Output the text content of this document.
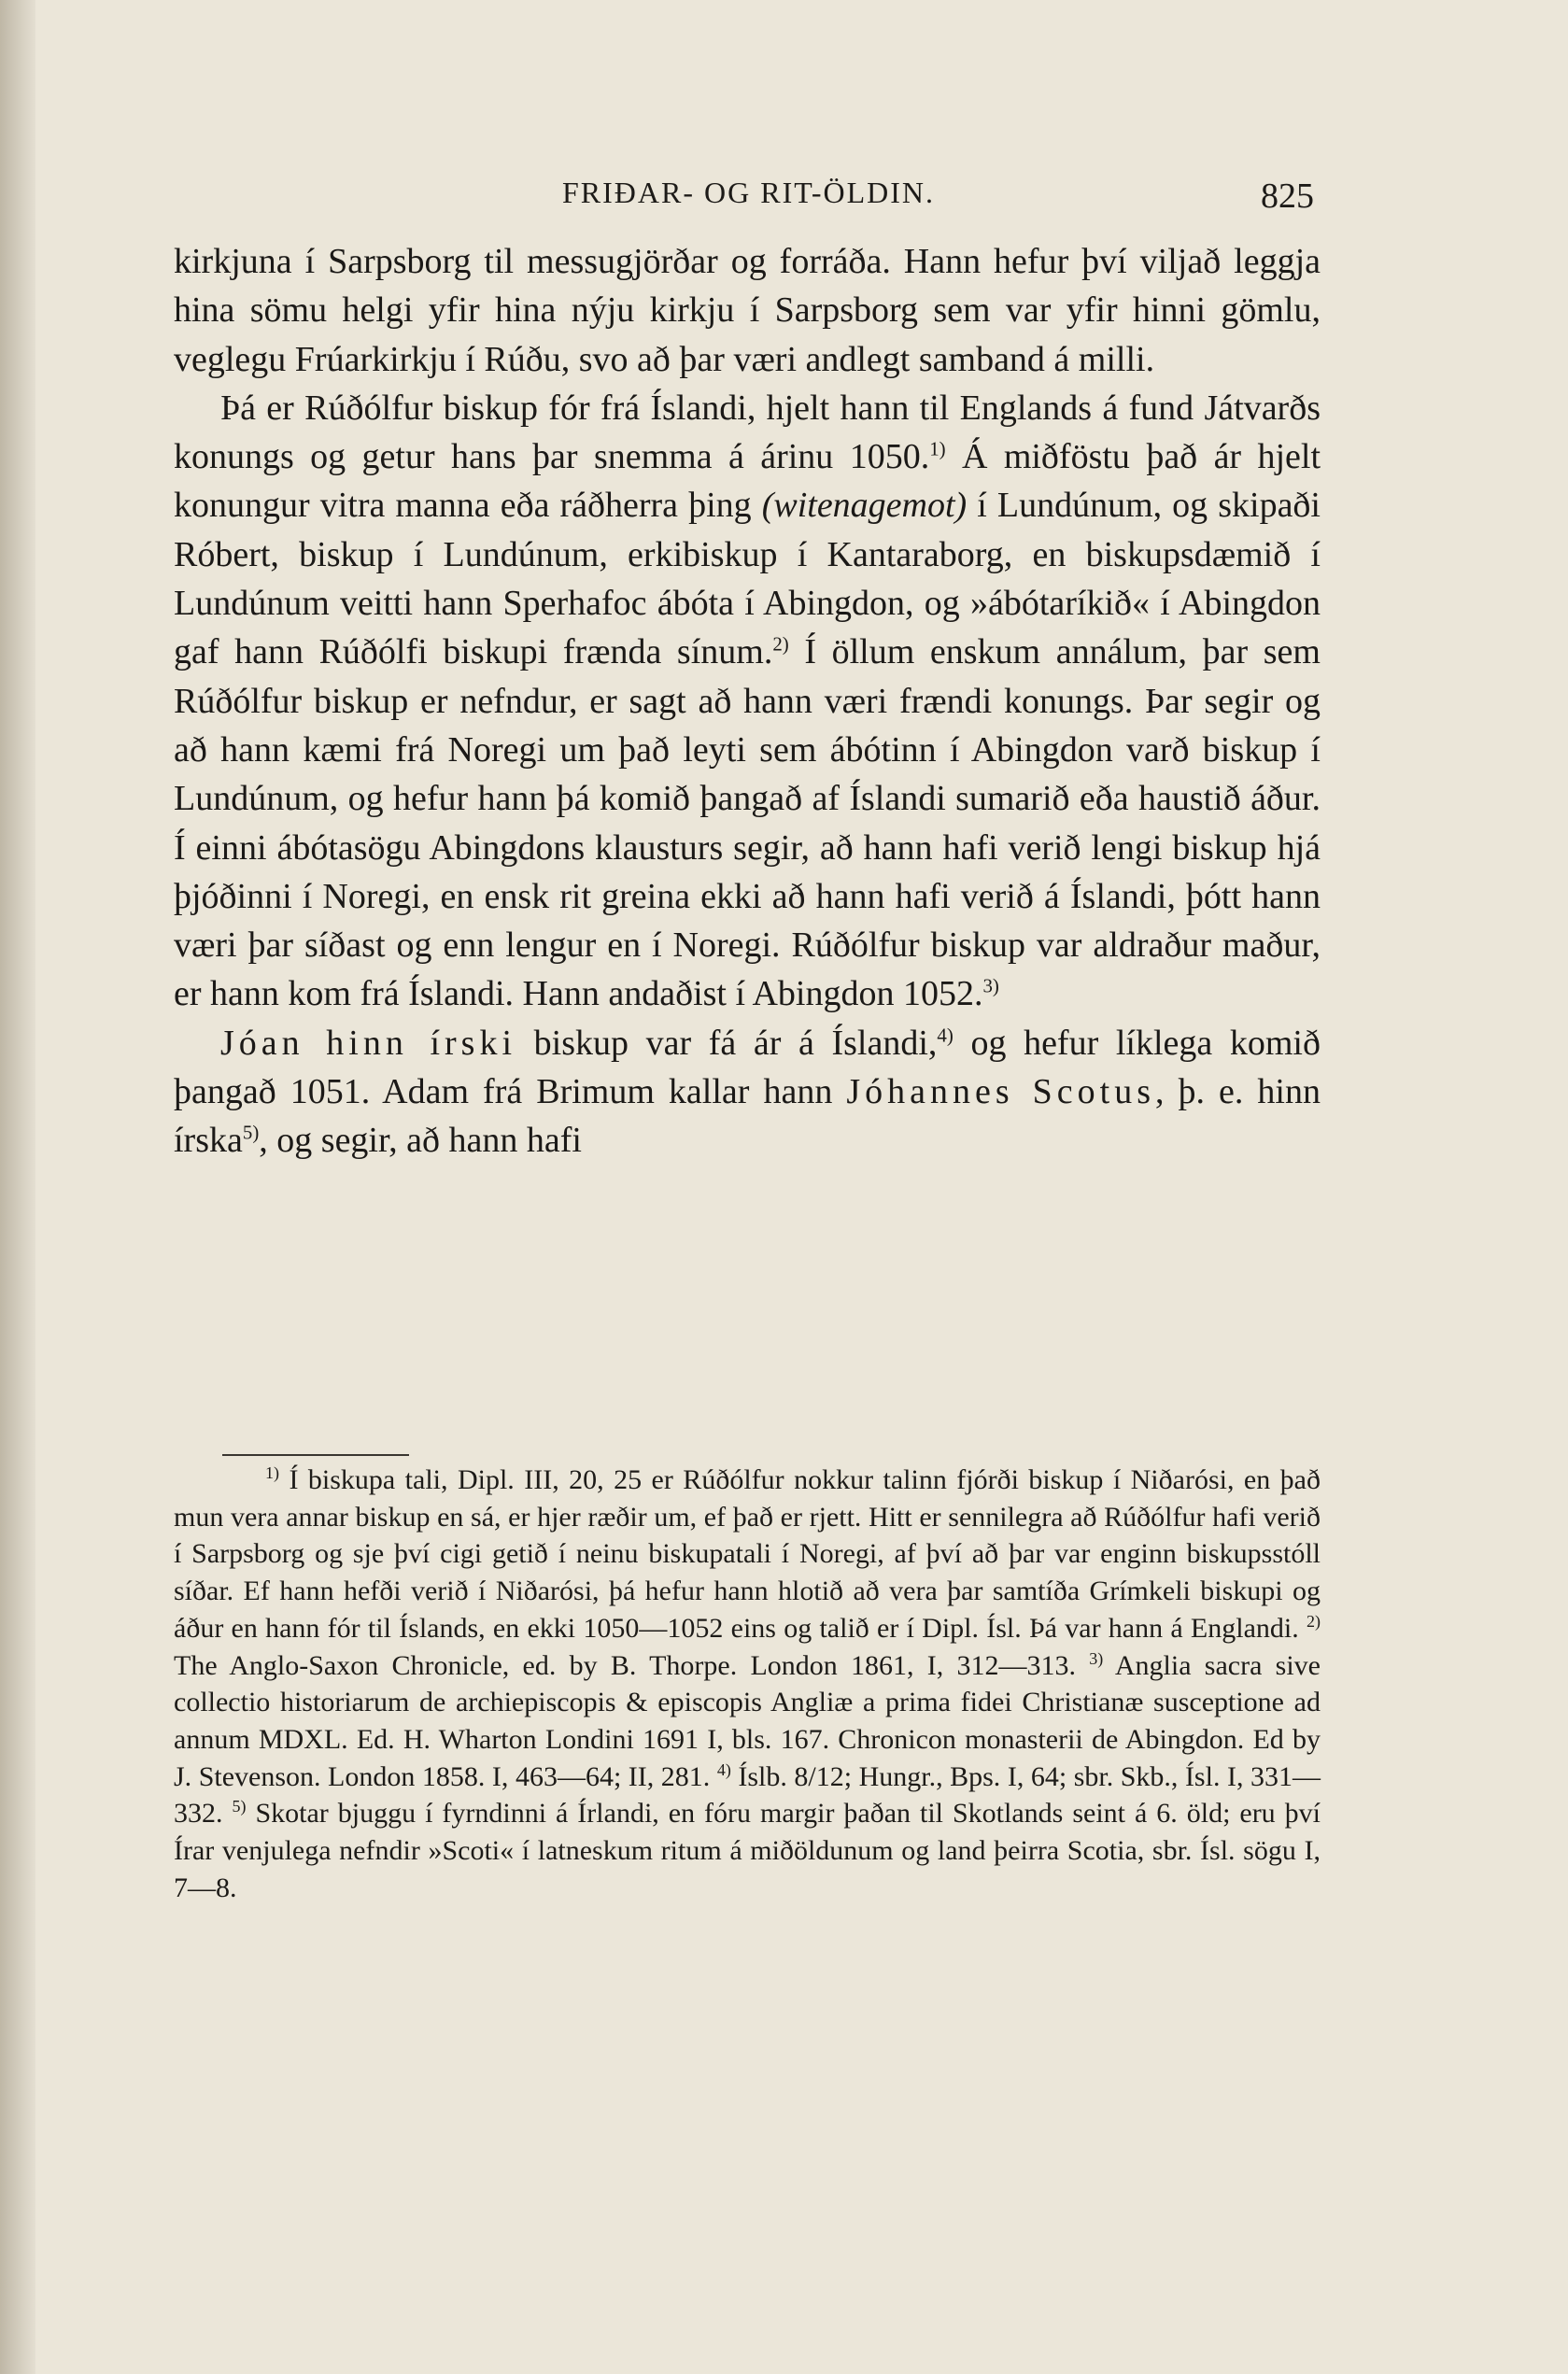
FRIÐAR- OG RIT-ÖLDIN.	825

kirkjuna í Sarpsborg til messugjörðar og forráða. Hann hefur því viljað leggja hina sömu helgi yfir hina nýju kirkju í Sarpsborg sem var yfir hinni gömlu, veglegu Frúarkirkju í Rúðu, svo að þar væri andlegt samband á milli.

Þá er Rúðólfur biskup fór frá Íslandi, hjelt hann til Englands á fund Játvarðs konungs og getur hans þar snemma á árinu 1050.$^{1)}$ Á miðföstu það ár hjelt konungur vitra manna eða ráðherra þing (witenagemot) í Lundúnum, og skipaði Róbert, biskup í Lundúnum, erkibiskup í Kantaraborg, en biskupsdæmið í Lundúnum veitti hann Sperhafoc ábóta í Abingdon, og »ábótaríkið« í Abingdon gaf hann Rúðólfi biskupi frænda sínum.$^{2)}$ Í öllum enskum annálum, þar sem Rúðólfur biskup er nefndur, er sagt að hann væri frændi konungs. Þar segir og að hann kæmi frá Noregi um það leyti sem ábótinn í Abingdon varð biskup í Lundúnum, og hefur hann þá komið þangað af Íslandi sumarið eða haustið áður. Í einni ábótasögu Abingdons klausturs segir, að hann hafi verið lengi biskup hjá þjóðinni í Noregi, en ensk rit greina ekki að hann hafi verið á Íslandi, þótt hann væri þar síðast og enn lengur en í Noregi. Rúðólfur biskup var aldraður maður, er hann kom frá Íslandi. Hann andaðist í Abingdon 1052.$^{3)}$

Jóan hinn írski biskup var fá ár á Íslandi,$^{4)}$ og hefur líklega komið þangað 1051. Adam frá Brimum kallar hann Jóhannes Scotus, þ. e. hinn írska$^{5)}$, og segir, að hann hafi

$^{1)}$ Í biskupa tali, Dipl. III, 20, 25 er Rúðólfur nokkur talinn fjórði biskup í Niðarósi, en það mun vera annar biskup en sá, er hjer ræðir um, ef það er rjett. Hitt er sennilegra að Rúðólfur hafi verið í Sarpsborg og sje því cigi getið í neinu biskupatali í Noregi, af því að þar var enginn biskupsstóll síðar. Ef hann hefði verið í Niðarósi, þá hefur hann hlotið að vera þar samtíða Grímkeli biskupi og áður en hann fór til Íslands, en ekki 1050—1052 eins og talið er í Dipl. Ísl. Þá var hann á Englandi. $^{2)}$ The Anglo-Saxon Chronicle, ed. by B. Thorpe. London 1861, I, 312—313. $^{3)}$ Anglia sacra sive collectio historiarum de archiepiscopis & episcopis Angliæ a prima fidei Christianæ susceptione ad annum MDXL. Ed. H. Wharton Londini 1691 I, bls. 167. Chronicon monasterii de Abingdon. Ed by J. Stevenson. London 1858. I, 463—64; II, 281. $^{4)}$ Íslb. 8/12; Hungr., Bps. I, 64; sbr. Skb., Ísl. I, 331—332. $^{5)}$ Skotar bjuggu í fyrndinni á Írlandi, en fóru margir þaðan til Skotlands seint á 6. öld; eru því Írar venjulega nefndir »Scoti« í latneskum ritum á miðöldunum og land þeirra Scotia, sbr. Ísl. sögu I, 7—8.
